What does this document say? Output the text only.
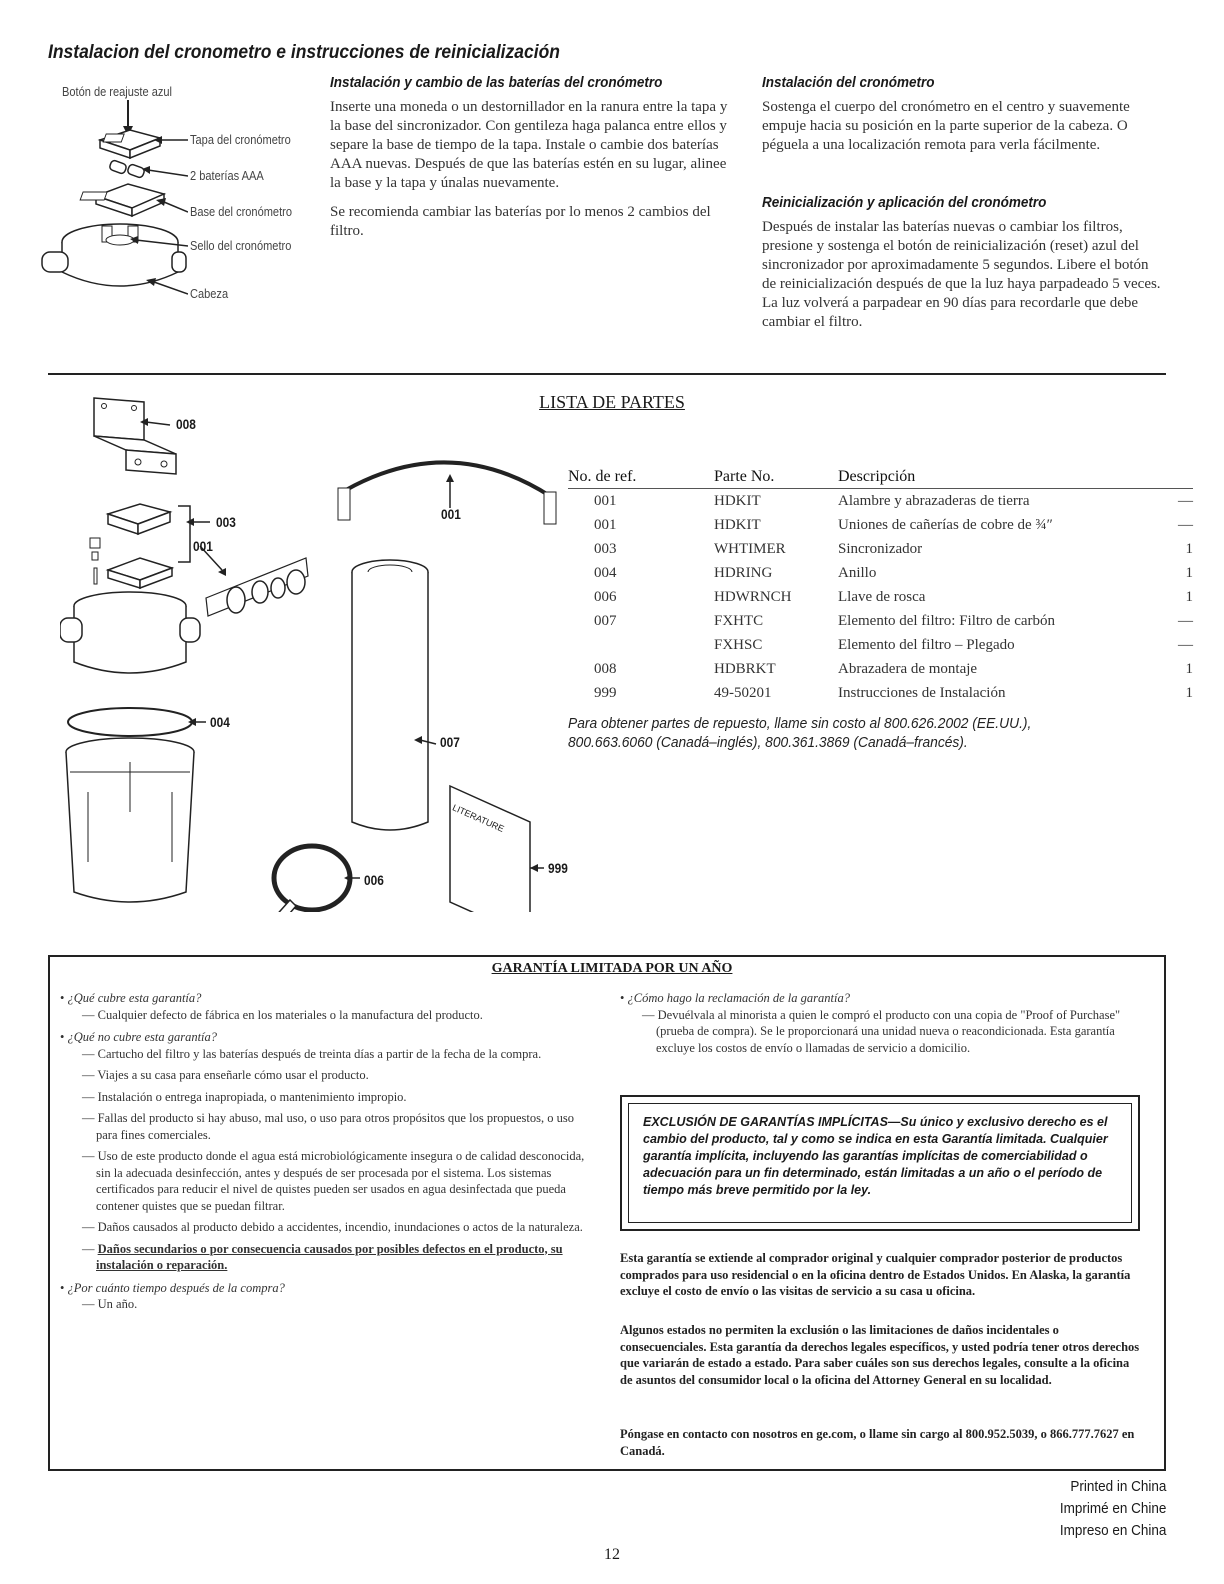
Instalacion del cronometro e instrucciones de reinicialización
Botón de reajuste azul
Tapa del cronómetro
2 baterías AAA
Base del cronómetro
Sello del cronómetro
Cabeza
Instalación y cambio de las baterías del cronómetro

Inserte una moneda o un destornillador en la ranura entre la tapa y la base del sincronizador. Con gentileza haga palanca entre ellos y separe la base de tiempo de la tapa. Instale o cambie dos baterías AAA nuevas. Después de que las baterías estén en su lugar, alinee la base y la tapa y únalas nuevamente.

Se recomienda cambiar las baterías por lo menos 2 cambios del filtro.

Instalación del cronómetro
Sostenga el cuerpo del cronómetro en el centro y suavemente empuje hacia su posición en la parte superior de la cabeza. O péguela a una localización remota para verla fácilmente.
Reinicialización y aplicación del cronómetro
Después de instalar las baterías nuevas o cambiar los filtros, presione y sostenga el botón de reinicialización (reset) azul del sincronizador por aproximadamente 5 segundos. Libere el botón de reinicialización después de que la luz haya parpadeado 5 veces. La luz volverá a parpadear en 90 días para recordarle que debe cambiar el filtro.
LISTA DE PARTES
LITERATURE
008
003
001
001
004
007
006
999
No. de ref.	Parte No.	Descripción	
001	HDKIT	Alambre y abrazaderas de tierra	—
001	HDKIT	Uniones de cañerías de cobre de ¾″	—
003	WHTIMER	Sincronizador	1
004	HDRING	Anillo	1
006	HDWRNCH	Llave de rosca	1
007	FXHTC	Elemento del filtro: Filtro de carbón	—
	FXHSC	Elemento del filtro – Plegado	—
008	HDBRKT	Abrazadera de montaje	1
999	49-50201	Instrucciones de Instalación	1
Para obtener partes de repuesto, llame sin costo al 800.626.2002 (EE.UU.), 800.663.6060 (Canadá–inglés), 800.361.3869 (Canadá–francés).
GARANTÍA LIMITADA POR UN AÑO

• ¿Qué cubre esta garantía?

— Cualquier defecto de fábrica en los materiales o la manufactura del producto.

• ¿Qué no cubre esta garantía?

— Cartucho del filtro y las baterías después de treinta días a partir de la fecha de la compra.

— Viajes a su casa para enseñarle cómo usar el producto.

— Instalación o entrega inapropiada, o mantenimiento impropio.

— Fallas del producto si hay abuso, mal uso, o uso para otros propósitos que los propuestos, o uso para fines comerciales.

— Uso de este producto donde el agua está microbiológicamente insegura o de calidad desconocida, sin la adecuada desinfección, antes y después de ser procesada por el sistema. Los sistemas certificados para reducir el nivel de quistes pueden ser usados en agua desinfectada que pueda contener quistes que se puedan filtrar.

— Daños causados al producto debido a accidentes, incendio, inundaciones o actos de la naturaleza.

— Daños secundarios o por consecuencia causados por posibles defectos en el producto, su instalación o reparación.

• ¿Por cuánto tiempo después de la compra?

— Un año.

• ¿Cómo hago la reclamación de la garantía?

— Devuélvala al minorista a quien le compró el producto con una copia de "Proof of Purchase"(prueba de compra). Se le proporcionará una unidad nueva o reacondicionada. Esta garantía excluye los costos de envío o llamadas de servicio a domicilio.

EXCLUSIÓN DE GARANTÍAS IMPLÍCITAS—Su único y exclusivo derecho es el cambio del producto, tal y como se indica en esta Garantía limitada. Cualquier garantía implícita, incluyendo las garantías implícitas de comerciabilidad o adecuación para un fin determinado, están limitadas a un año o el período de tiempo más breve permitido por la ley.
Esta garantía se extiende al comprador original y cualquier comprador posterior de productos comprados para uso residencial o en la oficina dentro de Estados Unidos. En Alaska, la garantía excluye el costo de envío o las visitas de servicio a su casa u oficina.
Algunos estados no permiten la exclusión o las limitaciones de daños incidentales o consecuenciales. Esta garantía da derechos legales específicos, y usted podría tener otros derechos que variarán de estado a estado. Para saber cuáles son sus derechos legales, consulte a la oficina de asuntos del consumidor local o la oficina del Attorney General en su localidad.
Póngase en contacto con nosotros en ge.com, o llame sin cargo al 800.952.5039, o 866.777.7627 en Canadá.
12
Printed in China
Imprimé en Chine
Impreso en China
